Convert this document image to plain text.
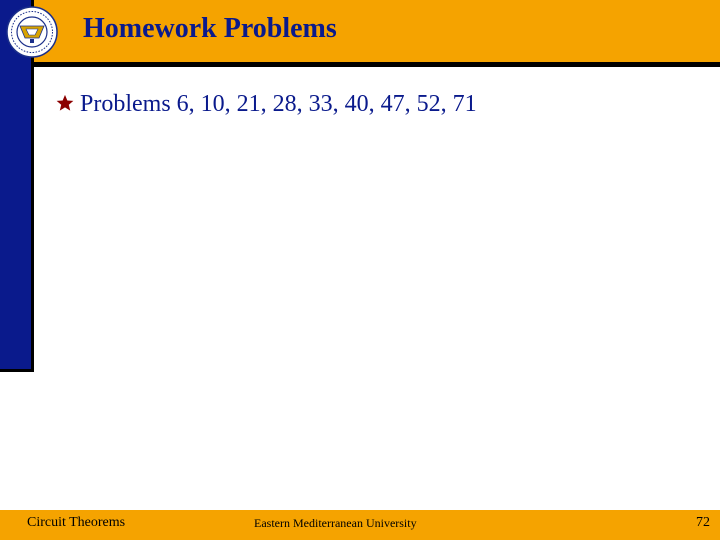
Homework Problems
Problems 6, 10, 21, 28, 33, 40, 47, 52, 71
Circuit Theorems	Eastern Mediterranean University	72
